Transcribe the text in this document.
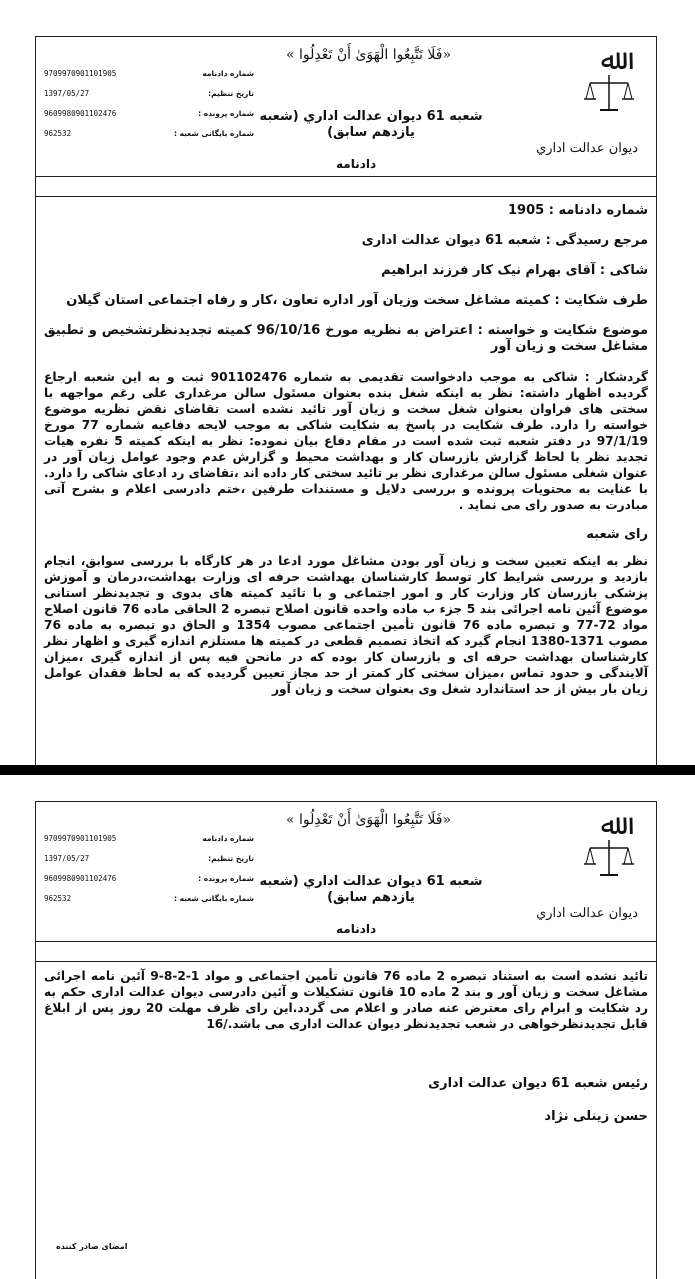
ﷲ
دیوان عدالت اداري
«فَلَا تَتَّبِعُوا الْهَوَىٰ أَنْ تَعْدِلُوا »
شعبه 61 دیوان عدالت اداري (شعبه یازدهم سابق)
دادنامه
9709970901101905	شماره دادنامه
1397/05/27	تاریخ تنظیم:
9609980901102476	شماره پرونده :
962532	شماره بایگانی شعبه :
شماره دادنامه : 1905
مرجع رسیدگی : شعبه 61 دیوان عدالت اداری
شاکی : آقای بهرام نیک کار فرزند ابراهیم
طرف شکایت : کمیته مشاغل سخت وزیان آور اداره تعاون ،کار و رفاه اجتماعی استان گیلان
موضوع شکایت و خواسته : اعتراض به نظریه مورخ 96/10/16 کمیته تجدیدنظرتشخیص و تطبیق مشاغل سخت و زیان آور

گردشکار : شاکی به موجب دادخواست تقدیمی به شماره 901102476 ثبت و به این شعبه ارجاع گردیده اظهار داشته: نظر به اینکه شغل بنده بعنوان مسئول سالن مرغداری علی رغم مواجهه با سختی های فراوان بعنوان شغل سخت و زیان آور تائید نشده است تقاضای نقض نظریه موضوع خواسته را دارد. طرف شکایت در پاسخ به شکایت شاکی به موجب لایحه دفاعیه شماره 77 مورخ 97/1/19 در دفتر شعبه ثبت شده است در مقام دفاع بیان نموده: نظر به اینکه کمیته 5 نفره هیات تجدید نظر با لحاظ گزارش بازرسان کار و بهداشت محیط و گزارش عدم وجود عوامل زیان آور در عنوان شغلی مسئول سالن مرغداری نظر بر تائید سختی کار داده اند ،تقاضای رد ادعای شاکی را دارد. با عنایت به محتویات پرونده و بررسی دلایل و مستندات طرفین ،ختم دادرسی اعلام و بشرح آتی مبادرت به صدور رای می نماید .

رای شعبه

نظر به اینکه تعیین سخت و زیان آور بودن مشاغل مورد ادعا در هر کارگاه با بررسی سوابق، انجام بازدید و بررسی شرایط کار توسط کارشناسان بهداشت حرفه ای وزارت بهداشت،درمان و آموزش پزشکی بازرسان کار وزارت کار و امور اجتماعی و با تائید کمیته های بدوی و تجدیدنظر استانی موضوع آئین نامه اجرائی بند 5 جزء ب ماده واحده قانون اصلاح تبصره 2 الحاقی ماده 76 قانون اصلاح مواد 72-77 و تبصره ماده 76 قانون تأمین اجتماعی مصوب 1354 و الحاق دو تبصره به ماده 76 مصوب 1371-1380 انجام گیرد که اتخاذ تصمیم قطعی در کمیته ها مستلزم اندازه گیری و اظهار نظر کارشناسان بهداشت حرفه ای و بازرسان کار بوده که در مانحن فیه پس از اندازه گیری ،میزان آلایندگی و حدود تماس ،میزان سختی کار کمتر از حد مجاز تعیین گردیده که به لحاظ فقدان عوامل زیان بار بیش از حد استاندارد شغل وی بعنوان سخت و زیان آور

ﷲ
دیوان عدالت اداري
«فَلَا تَتَّبِعُوا الْهَوَىٰ أَنْ تَعْدِلُوا »
شعبه 61 دیوان عدالت اداري (شعبه یازدهم سابق)
دادنامه
9709970901101905	شماره دادنامه
1397/05/27	تاریخ تنظیم:
9609980901102476	شماره پرونده :
962532	شماره بایگانی شعبه :

تائید نشده است به استناد تبصره 2 ماده 76 قانون تأمین اجتماعی و مواد 1-2-8-9 آئین نامه اجرائی مشاغل سخت و زیان آور و بند 2 ماده 10 قانون تشکیلات و آئین دادرسی دیوان عدالت اداری حکم به رد شکایت و ابرام رای معترض عنه صادر و اعلام می گردد.این رای ظرف مهلت 20 روز پس از ابلاغ قابل تجدیدنظرخواهی در شعب تجدیدنظر دیوان عدالت اداری می باشد./16

رئیس شعبه 61 دیوان عدالت اداری
حسن زینلی نژاد
امضای صادر کننده
